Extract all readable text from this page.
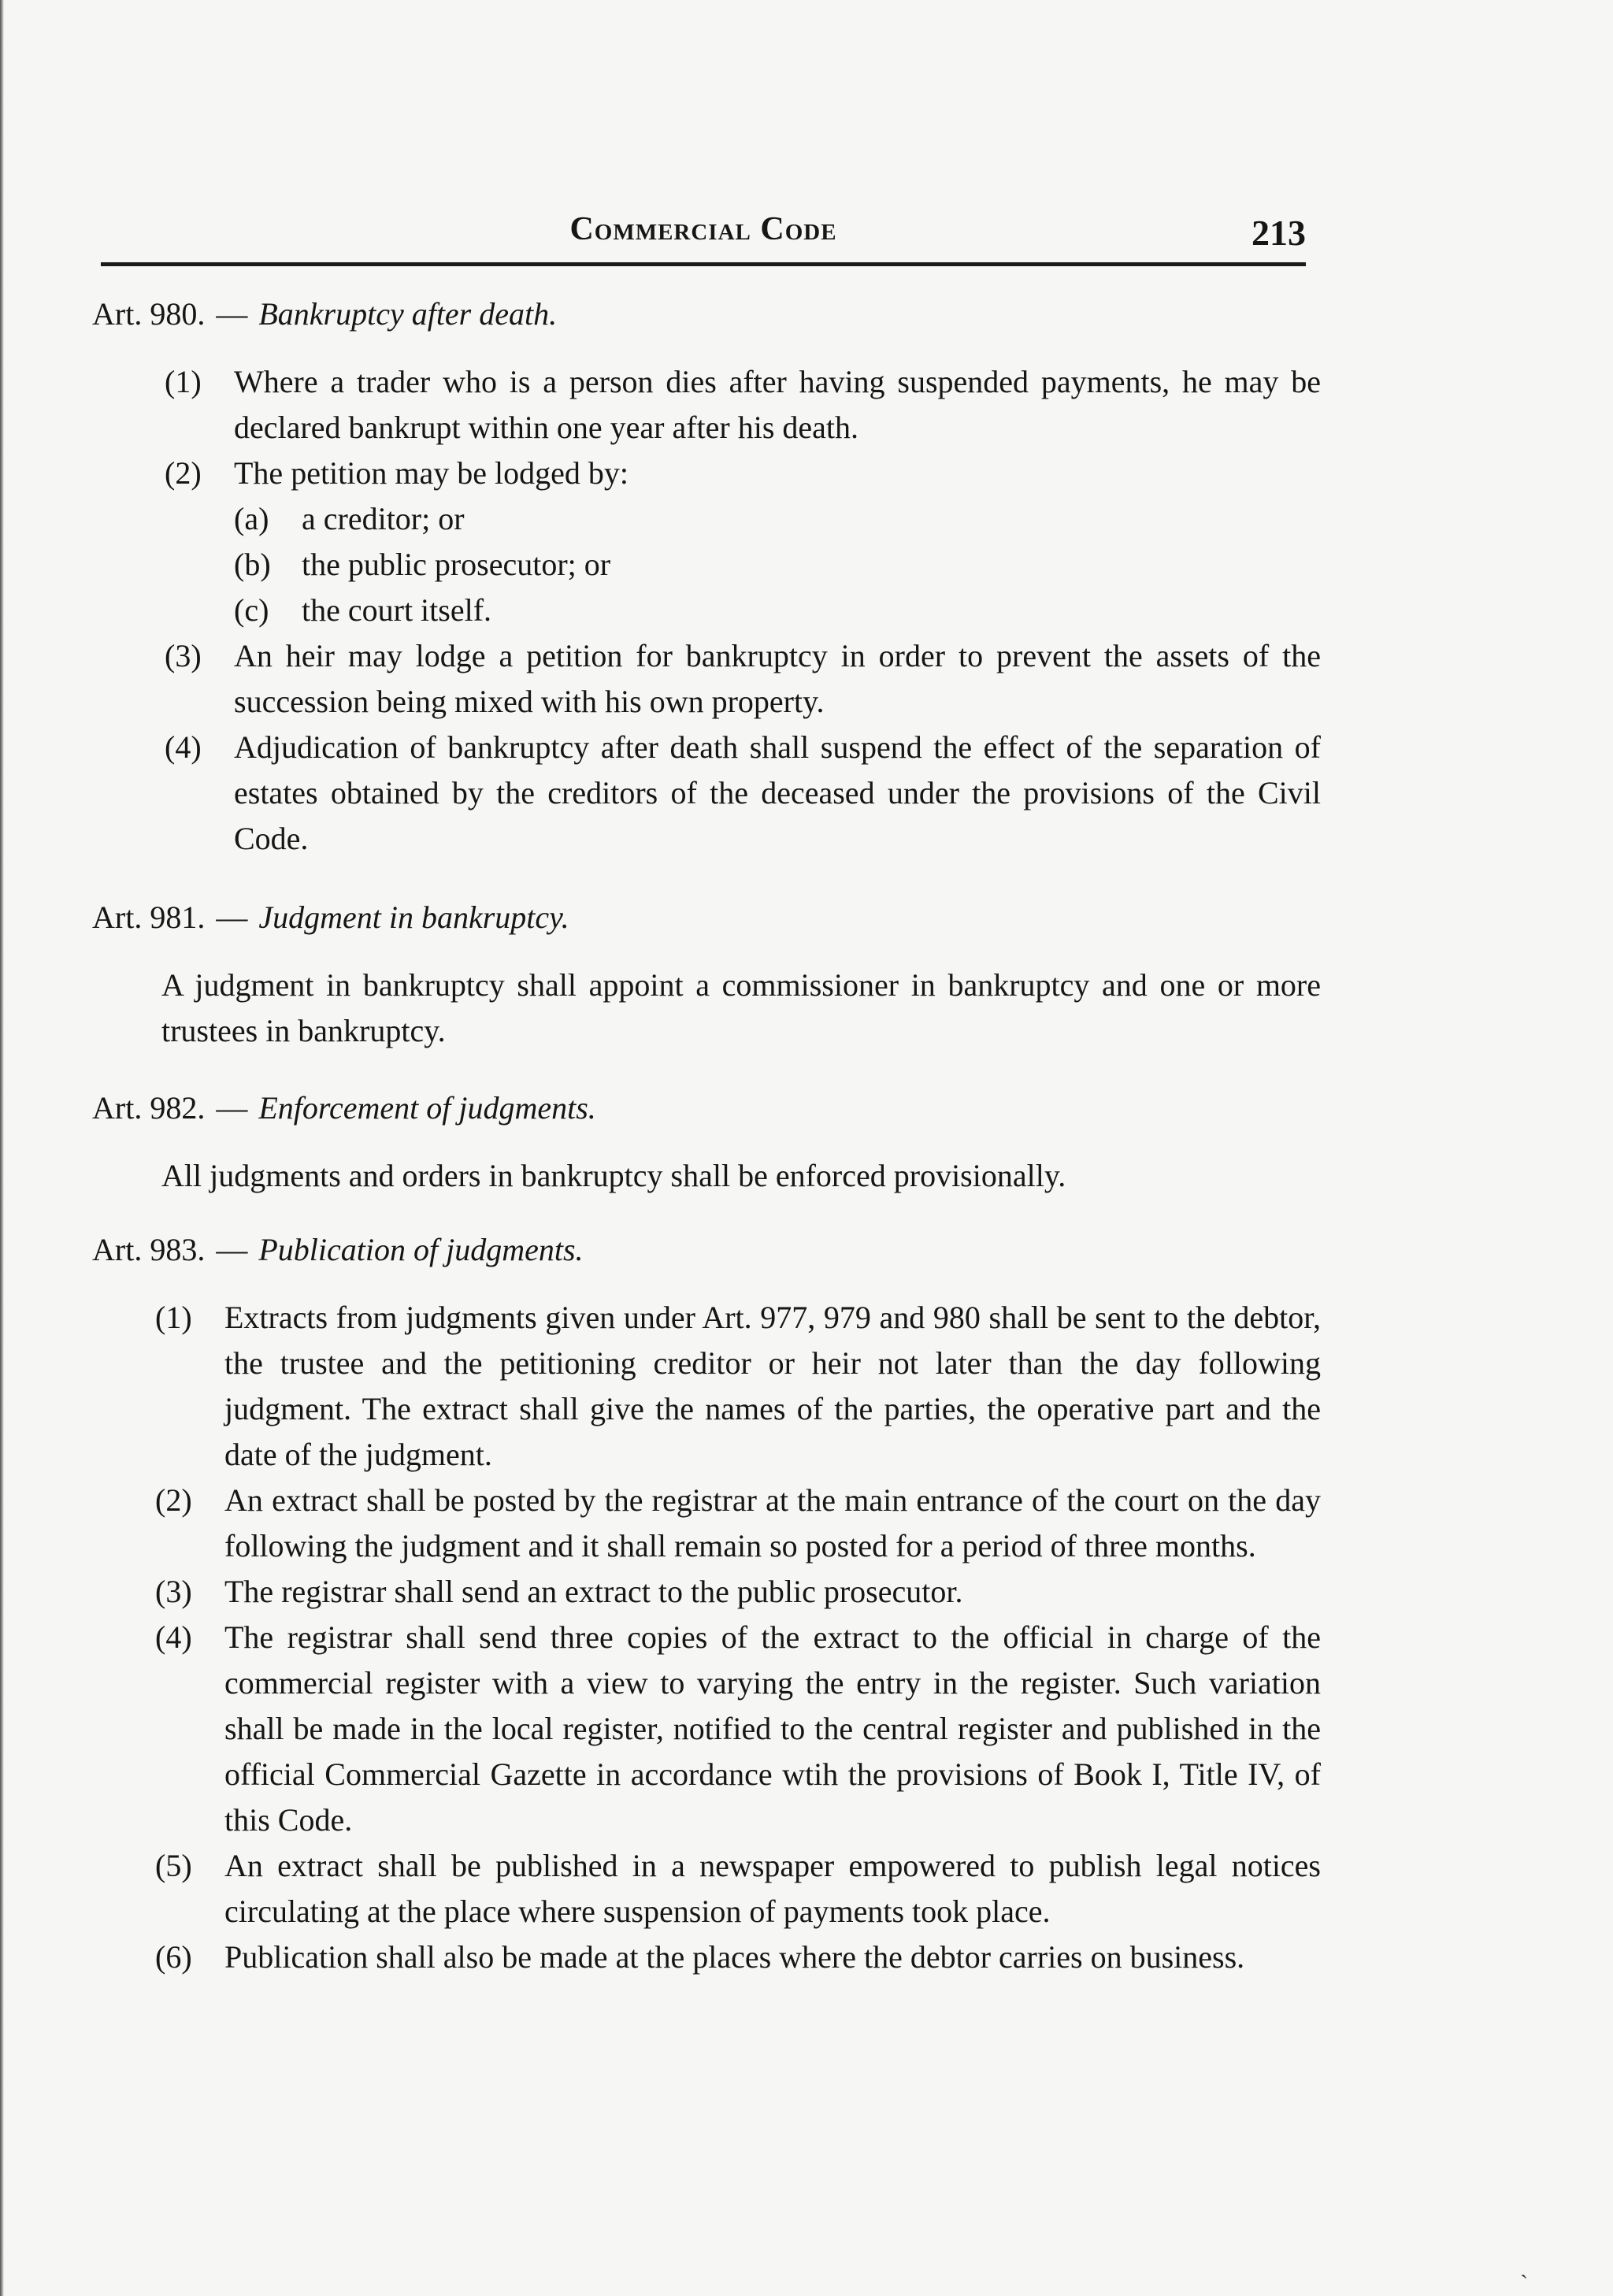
Commercial Code	213
Art. 980. — Bankruptcy after death.
(1)	Where a trader who is a person dies after having suspended payments, he may be declared bankrupt within one year after his death.
(2)	The petition may be lodged by:
(a)	a creditor; or
(b) the public prosecutor; or
(c)	the court itself.
(3)	An heir may lodge a petition for bankruptcy in order to prevent the assets of the succession being mixed with his own property.
(4)	Adjudication of bankruptcy after death shall suspend the effect of the separation of estates obtained by the creditors of the deceased under the provisions of the Civil Code.
Art. 981. — Judgment in bankruptcy.

A judgment in bankruptcy shall appoint a commissioner in bankruptcy and one or more trustees in bankruptcy.

Art. 982. — Enforcement of judgments.

All judgments and orders in bankruptcy shall be enforced provisionally.

Art. 983. — Publication of judgments.
(1)	Extracts from judgments given under Art. 977, 979 and 980 shall be sent to the debtor, the trustee and the petitioning creditor or heir not later than the day following judgment. The extract shall give the names of the parties, the operative part and the date of the judgment.
(2)	An extract shall be posted by the registrar at the main entrance of the court on the day following the judgment and it shall remain so posted for a period of three months.
(3)	The registrar shall send an extract to the public prosecutor.
(4)	The registrar shall send three copies of the extract to the official in charge of the commercial register with a view to varying the entry in the register. Such variation shall be made in the local register, notified to the central register and published in the official Commercial Gazette in accordance wtih the provisions of Book I, Title IV, of this Code.
(5)	An extract shall be published in a newspaper empowered to publish legal notices circulating at the place where suspension of payments took place.
(6)	Publication shall also be made at the places where the debtor carries on business.
ˏ
